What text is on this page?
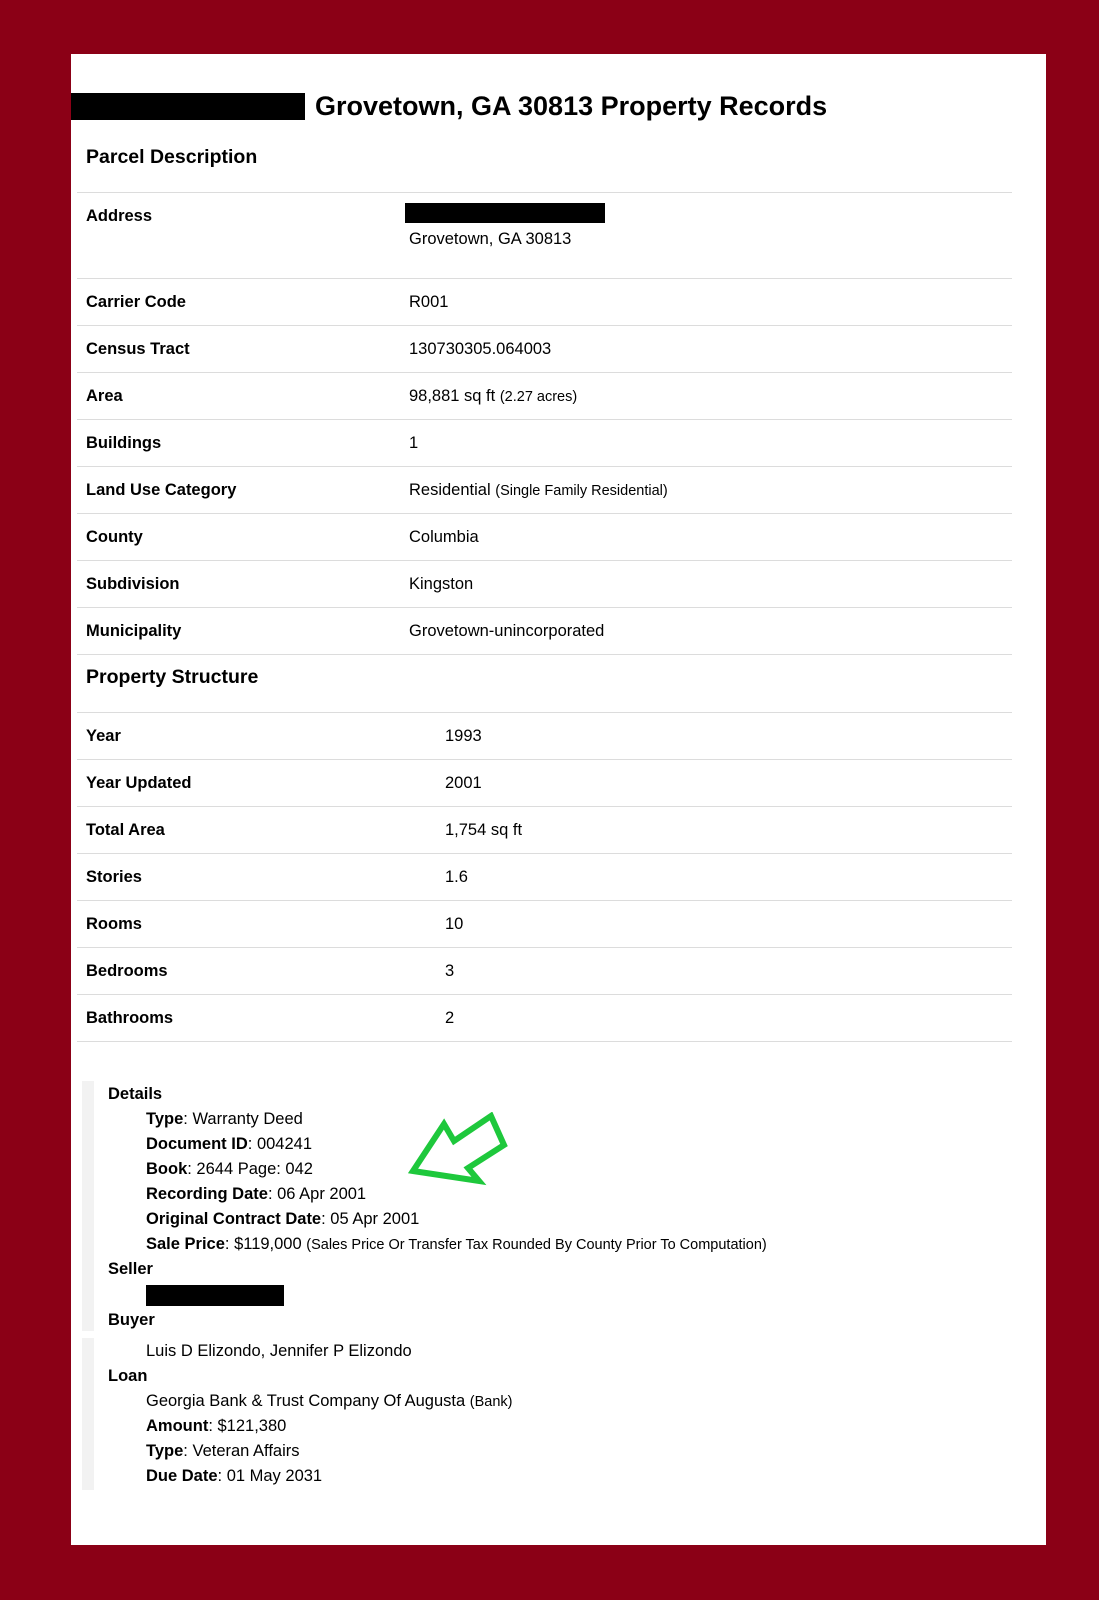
Grovetown, GA 30813 Property Records
Parcel Description
Address	Grovetown, GA 30813

Carrier Code	R001
Census Tract	130730305.064003
Area	98,881 sq ft (2.27 acres)
Buildings	1
Land Use Category	Residential (Single Family Residential)
County	Columbia
Subdivision	Kingston
Municipality	Grovetown-unincorporated
Property Structure
Year	1993
Year Updated	2001
Total Area	1,754 sq ft
Stories	1.6
Rooms	10
Bedrooms	3
Bathrooms	2
Details
Type: Warranty Deed
Document ID: 004241
Book: 2644 Page: 042
Recording Date: 06 Apr 2001
Original Contract Date: 05 Apr 2001
Sale Price: $119,000 (Sales Price Or Transfer Tax Rounded By County Prior To Computation)
Seller
Buyer
Luis D Elizondo, Jennifer P Elizondo
Loan
Georgia Bank & Trust Company Of Augusta (Bank)
Amount: $121,380
Type: Veteran Affairs
Due Date: 01 May 2031
